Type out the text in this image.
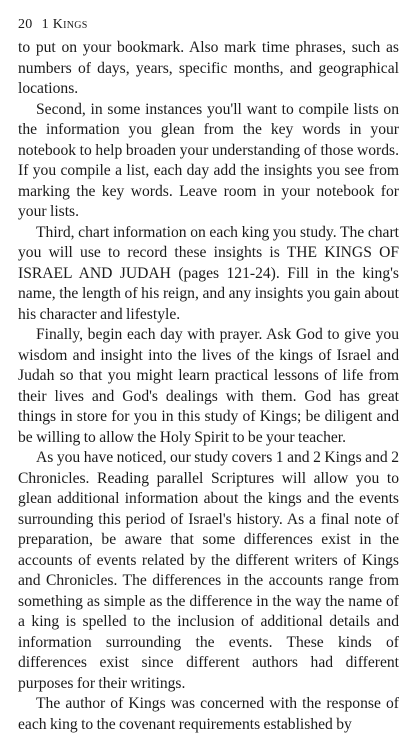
20 1 Kings

to put on your bookmark. Also mark time phrases, such as numbers of days, years, specific months, and geographical locations.

Second, in some instances you'll want to compile lists on the information you glean from the key words in your notebook to help broaden your understanding of those words. If you compile a list, each day add the insights you see from marking the key words. Leave room in your notebook for your lists.

Third, chart information on each king you study. The chart you will use to record these insights is THE KINGS OF ISRAEL AND JUDAH (pages 121-24). Fill in the king's name, the length of his reign, and any insights you gain about his character and lifestyle.

Finally, begin each day with prayer. Ask God to give you wisdom and insight into the lives of the kings of Israel and Judah so that you might learn practical lessons of life from their lives and God's dealings with them. God has great things in store for you in this study of Kings; be diligent and be willing to allow the Holy Spirit to be your teacher.

As you have noticed, our study covers 1 and 2 Kings and 2 Chronicles. Reading parallel Scriptures will allow you to glean additional information about the kings and the events surrounding this period of Israel's history. As a final note of preparation, be aware that some differences exist in the accounts of events related by the different writers of Kings and Chronicles. The differences in the accounts range from something as simple as the difference in the way the name of a king is spelled to the inclusion of additional details and information surrounding the events. These kinds of differences exist since different authors had different purposes for their writings.

The author of Kings was concerned with the response of each king to the covenant requirements established by
